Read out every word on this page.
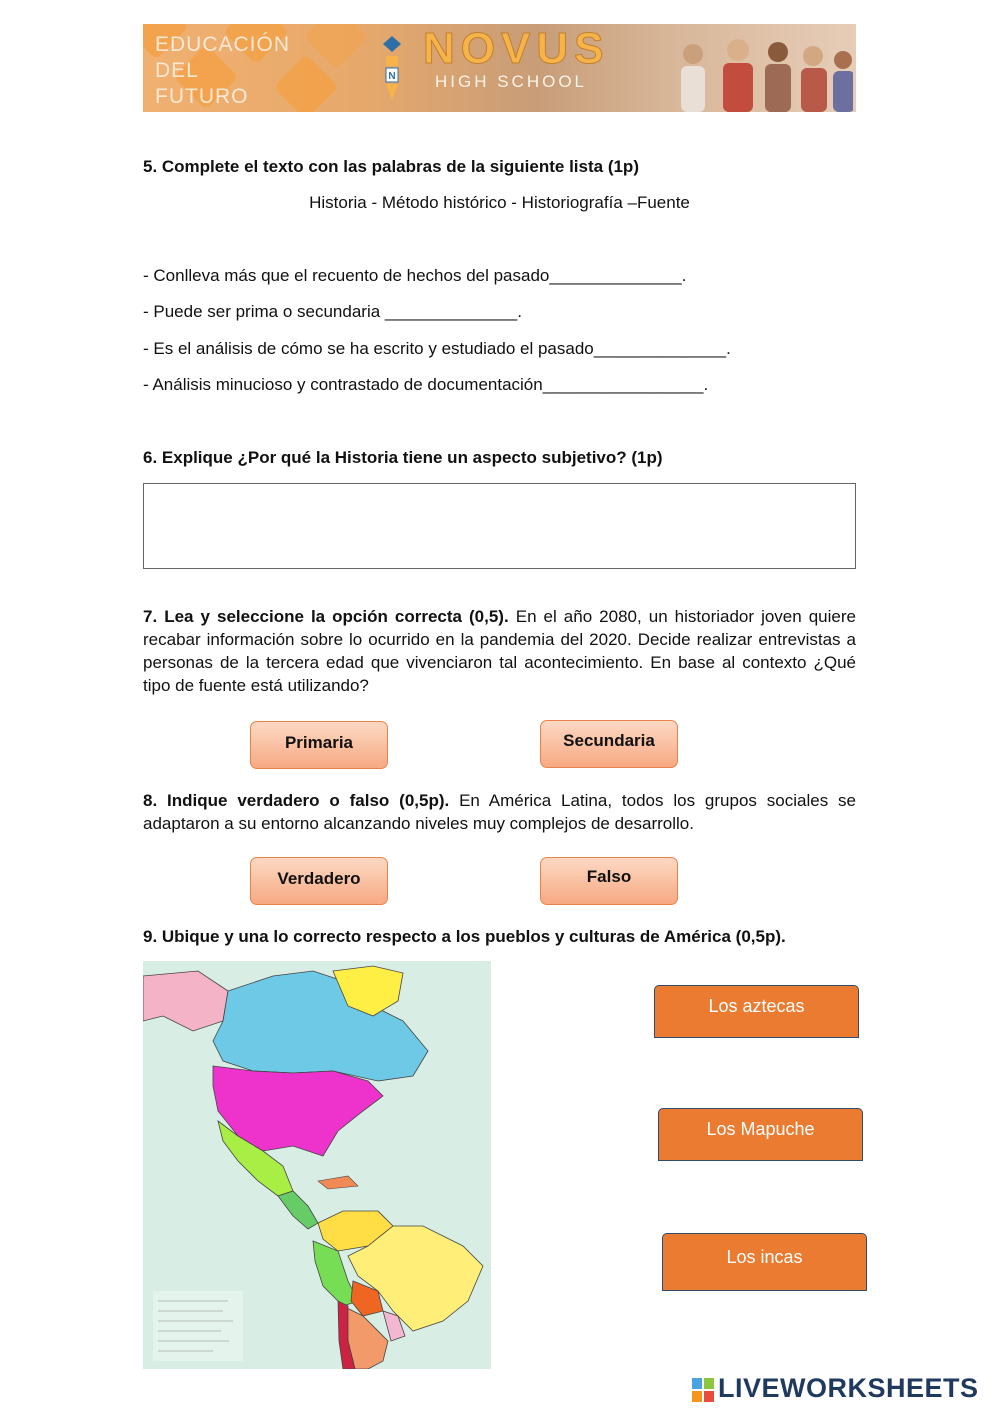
EDUCACIÓN
DEL
FUTURO
N
NOVUS
HIGH SCHOOL
5. Complete el texto con las palabras de la siguiente lista (1p)
Historia - Método histórico - Historiografía –Fuente
- Conlleva más que el recuento de hechos del pasado______________.
- Puede ser prima o secundaria ______________.
- Es el análisis de cómo se ha escrito y estudiado el pasado______________.
- Análisis minucioso y contrastado de documentación_________________.
6. Explique ¿Por qué la Historia tiene un aspecto subjetivo? (1p)
7. Lea y seleccione la opción correcta (0,5). En el año 2080, un historiador joven quiere recabar información sobre lo ocurrido en la pandemia del 2020. Decide realizar entrevistas a personas de la tercera edad que vivenciaron tal acontecimiento. En base al contexto ¿Qué tipo de fuente está utilizando?
Primaria	Secundaria
8. Indique verdadero o falso (0,5p). En América Latina, todos los grupos sociales se adaptaron a su entorno alcanzando niveles muy complejos de desarrollo.
Verdadero	Falso
9. Ubique y una lo correcto respecto a los pueblos y culturas de América (0,5p).
Los aztecas
Los Mapuche
Los incas
LIVEWORKSHEETS
